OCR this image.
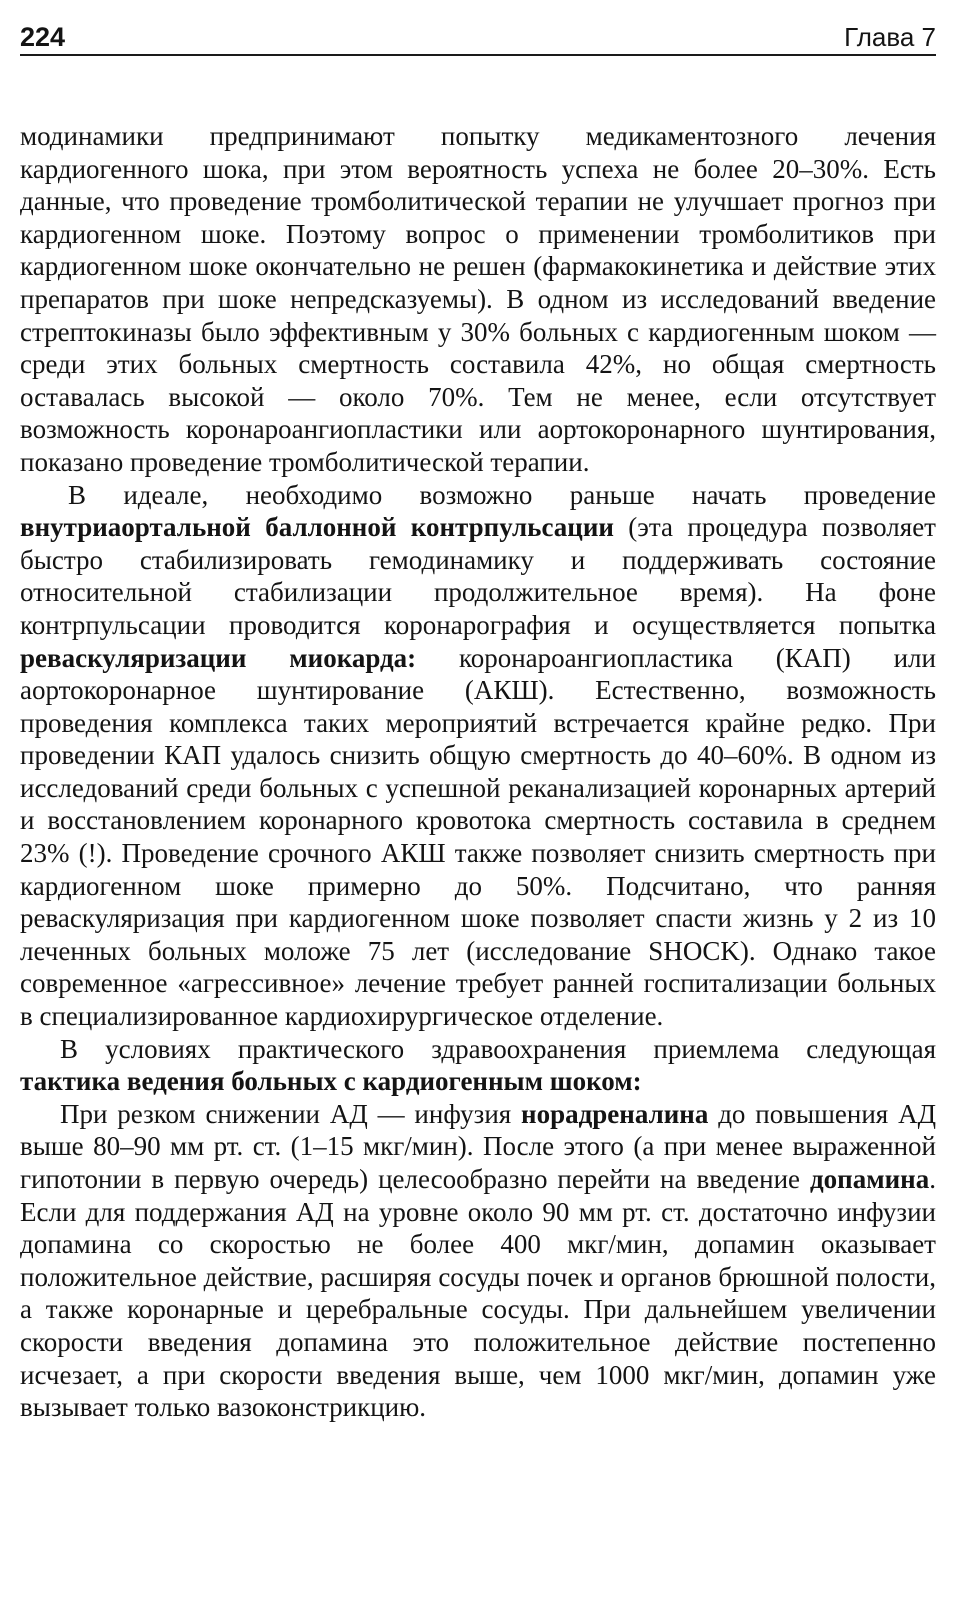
224	Глава 7

модинамики предпринимают попытку медикаментозного лечения кардиогенного шока, при этом вероятность успеха не более 20–30%. Есть данные, что проведение тромболитической терапии не улучшает прогноз при кардиогенном шоке. Поэтому вопрос о применении тромболитиков при кардиогенном шоке окончательно не решен (фармакокинетика и действие этих препаратов при шоке непредсказуемы). В одном из исследований введение стрептокиназы было эффективным у 30% больных с кардиогенным шоком — среди этих больных смертность составила 42%, но общая смертность оставалась высокой — около 70%. Тем не менее, если отсутствует возможность коронароангиопластики или аортокоронарного шунтирования, показано проведение тромболитической терапии.

В идеале, необходимо возможно раньше начать проведение внутриаортальной баллонной контрпульсации (эта процедура позволяет быстро стабилизировать гемодинамику и поддерживать состояние относительной стабилизации продолжительное время). На фоне контрпульсации проводится коронарография и осуществляется попытка реваскуляризации миокарда: коронароангиопластика (КАП) или аортокоронарное шунтирование (АКШ). Естественно, возможность проведения комплекса таких мероприятий встречается крайне редко. При проведении КАП удалось снизить общую смертность до 40–60%. В одном из исследований среди больных с успешной реканализацией коронарных артерий и восстановлением коронарного кровотока смертность составила в среднем 23% (!). Проведение срочного АКШ также позволяет снизить смертность при кардиогенном шоке примерно до 50%. Подсчитано, что ранняя реваскуляризация при кардиогенном шоке позволяет спасти жизнь у 2 из 10 леченных больных моложе 75 лет (исследование SHOCK). Однако такое современное «агрессивное» лечение требует ранней госпитализации больных в специализированное кардиохирургическое отделение.

В условиях практического здравоохранения приемлема следующая тактика ведения больных с кардиогенным шоком:

При резком снижении АД — инфузия норадреналина до повышения АД выше 80–90 мм рт. ст. (1–15 мкг/мин). После этого (а при менее выраженной гипотонии в первую очередь) целесообразно перейти на введение допамина. Если для поддержания АД на уровне около 90 мм рт. ст. достаточно инфузии допамина со скоростью не более 400 мкг/мин, допамин оказывает положительное действие, расширяя сосуды почек и органов брюшной полости, а также коронарные и церебральные сосуды. При дальнейшем увеличении скорости введения допамина это положительное действие постепенно исчезает, а при скорости введения выше, чем 1000 мкг/мин, допамин уже вызывает только вазоконстрикцию.
